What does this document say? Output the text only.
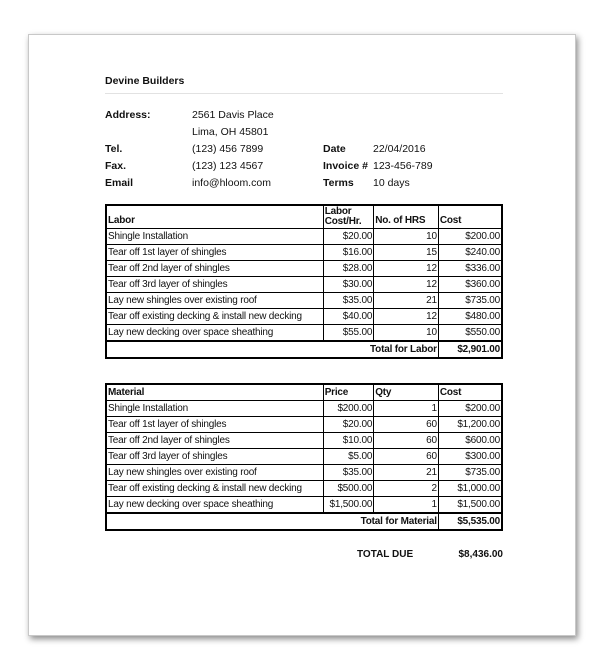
Devine Builders
Address:	2561 Davis Place
Lima, OH 45801
Tel.	(123) 456 7899	Date	22/04/2016
Fax.	(123) 123 4567	Invoice # 123-456-789
Email	info@hloom.com	Terms 10 days
Labor	Labor Cost/Hr.	No. of HRS	Cost
Shingle Installation	$20.00	10	$200.00
Tear off 1st layer of shingles	$16.00	15	$240.00
Tear off 2nd layer of shingles	$28.00	12	$336.00
Tear off 3rd layer of shingles	$30.00	12	$360.00
Lay new shingles over existing roof	$35.00	21	$735.00
Tear off existing decking & install new decking	$40.00	12	$480.00
Lay new decking over space sheathing	$55.00	10	$550.00
Total for Labor			$2,901.00
Material	Price	Qty	Cost
Shingle Installation	$200.00	1	$200.00
Tear off 1st layer of shingles	$20.00	60	$1,200.00
Tear off 2nd layer of shingles	$10.00	60	$600.00
Tear off 3rd layer of shingles	$5.00	60	$300.00
Lay new shingles over existing roof	$35.00	21	$735.00
Tear off existing decking & install new decking	$500.00	2	$1,000.00
Lay new decking over space sheathing	$1,500.00	1	$1,500.00
Total for Material			$5,535.00
TOTAL DUE	$8,436.00
